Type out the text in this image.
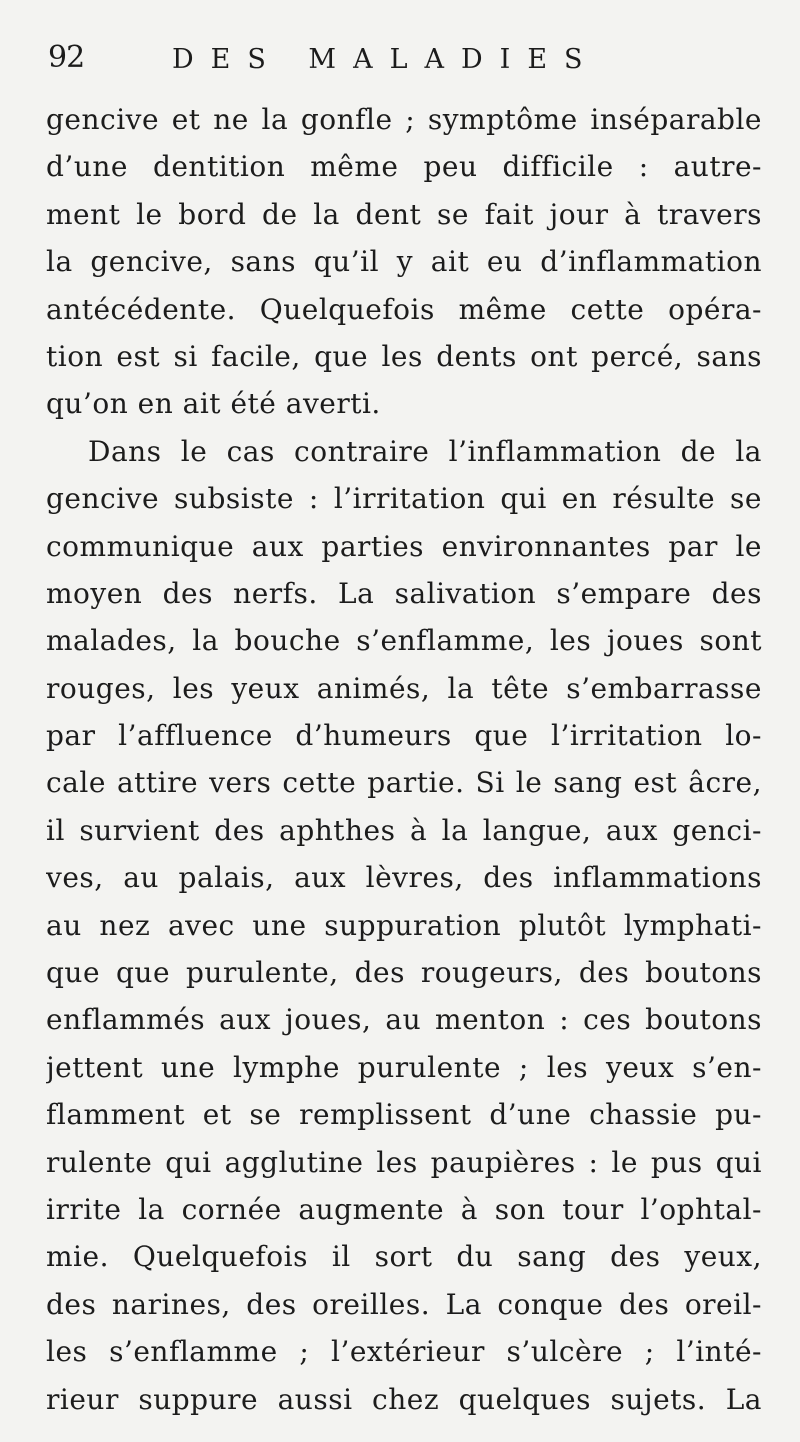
92	DES MALADIES
gencive et ne la gonfle ; symptôme inséparable
d’une dentition même peu difficile : autre-
ment le bord de la dent se fait jour à travers
la gencive, sans qu’il y ait eu d’inflammation
antécédente. Quelquefois même cette opéra-
tion est si facile, que les dents ont percé, sans
qu’on en ait été averti.
Dans le cas contraire l’inflammation de la
gencive subsiste : l’irritation qui en résulte se
communique aux parties environnantes par le
moyen des nerfs. La salivation s’empare des
malades, la bouche s’enflamme, les joues sont
rouges, les yeux animés, la tête s’embarrasse
par l’affluence d’humeurs que l’irritation lo-
cale attire vers cette partie. Si le sang est âcre,
il survient des aphthes à la langue, aux genci-
ves, au palais, aux lèvres, des inflammations
au nez avec une suppuration plutôt lymphati-
que que purulente, des rougeurs, des boutons
enflammés aux joues, au menton : ces boutons
jettent une lymphe purulente ; les yeux s’en-
flamment et se remplissent d’une chassie pu-
rulente qui agglutine les paupières : le pus qui
irrite la cornée augmente à son tour l’ophtal-
mie. Quelquefois il sort du sang des yeux,
des narines, des oreilles. La conque des oreil-
les s’enflamme ; l’extérieur s’ulcère ; l’inté-
rieur suppure aussi chez quelques sujets. La
